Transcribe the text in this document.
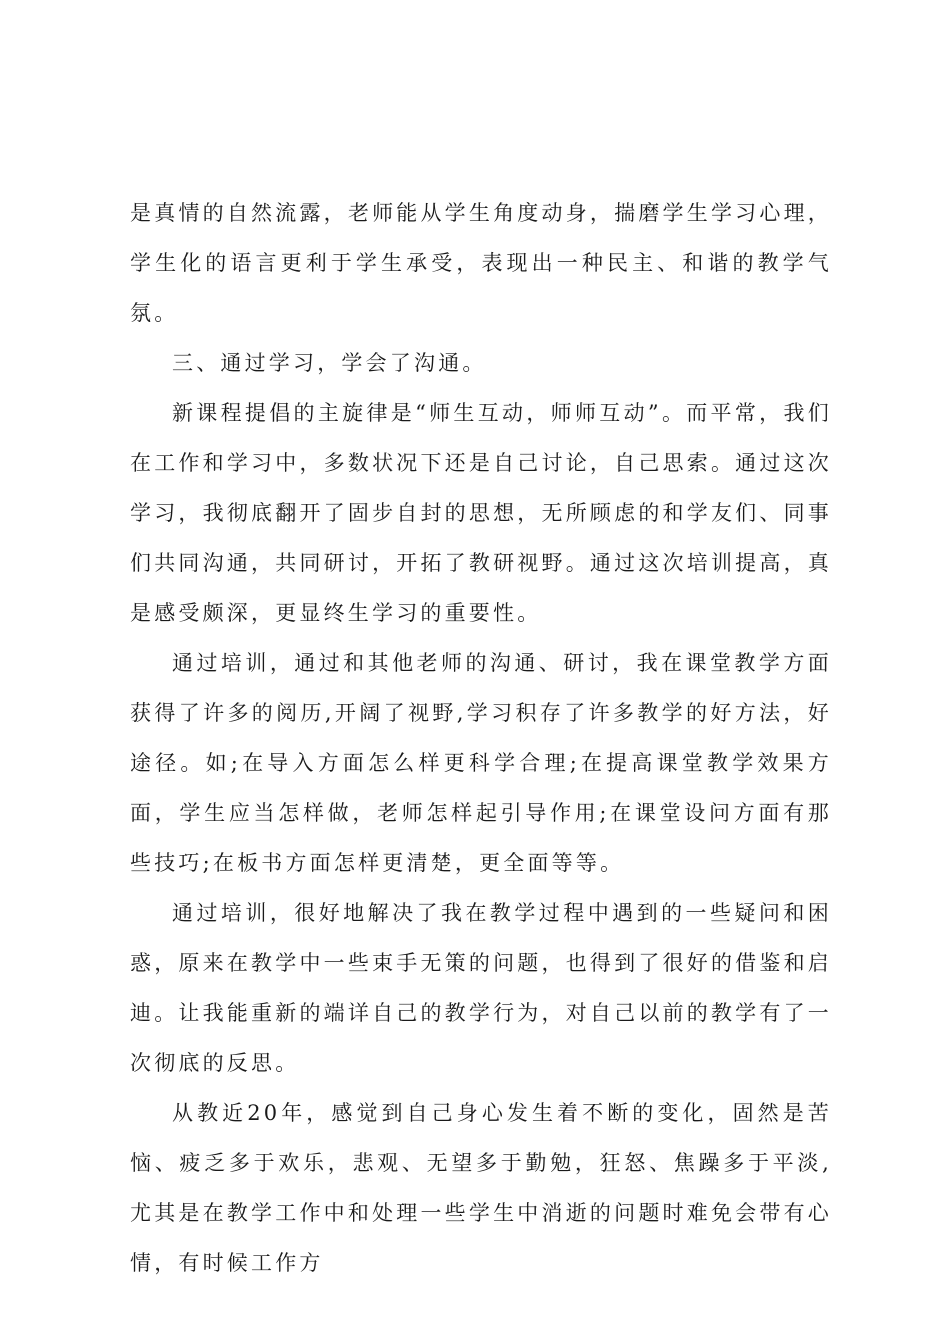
是真情的自然流露，老师能从学生角度动身，揣磨学生学习心理，学生化的语言更利于学生承受，表现出一种民主、和谐的教学气氛。

三、通过学习，学会了沟通。

新课程提倡的主旋律是“师生互动，师师互动”。而平常，我们在工作和学习中，多数状况下还是自己讨论，自己思索。通过这次学习，我彻底翻开了固步自封的思想，无所顾虑的和学友们、同事们共同沟通，共同研讨，开拓了教研视野。通过这次培训提高，真是感受颇深，更显终生学习的重要性。

通过培训，通过和其他老师的沟通、研讨，我在课堂教学方面获得了许多的阅历,开阔了视野,学习积存了许多教学的好方法，好途径。如;在导入方面怎么样更科学合理;在提高课堂教学效果方面，学生应当怎样做，老师怎样起引导作用;在课堂设问方面有那些技巧;在板书方面怎样更清楚，更全面等等。

通过培训，很好地解决了我在教学过程中遇到的一些疑问和困惑，原来在教学中一些束手无策的问题，也得到了很好的借鉴和启迪。让我能重新的端详自己的教学行为，对自己以前的教学有了一次彻底的反思。

从教近20年，感觉到自己身心发生着不断的变化，固然是苦恼、疲乏多于欢乐，悲观、无望多于勤勉，狂怒、焦躁多于平淡,尤其是在教学工作中和处理一些学生中消逝的问题时难免会带有心情，有时候工作方
